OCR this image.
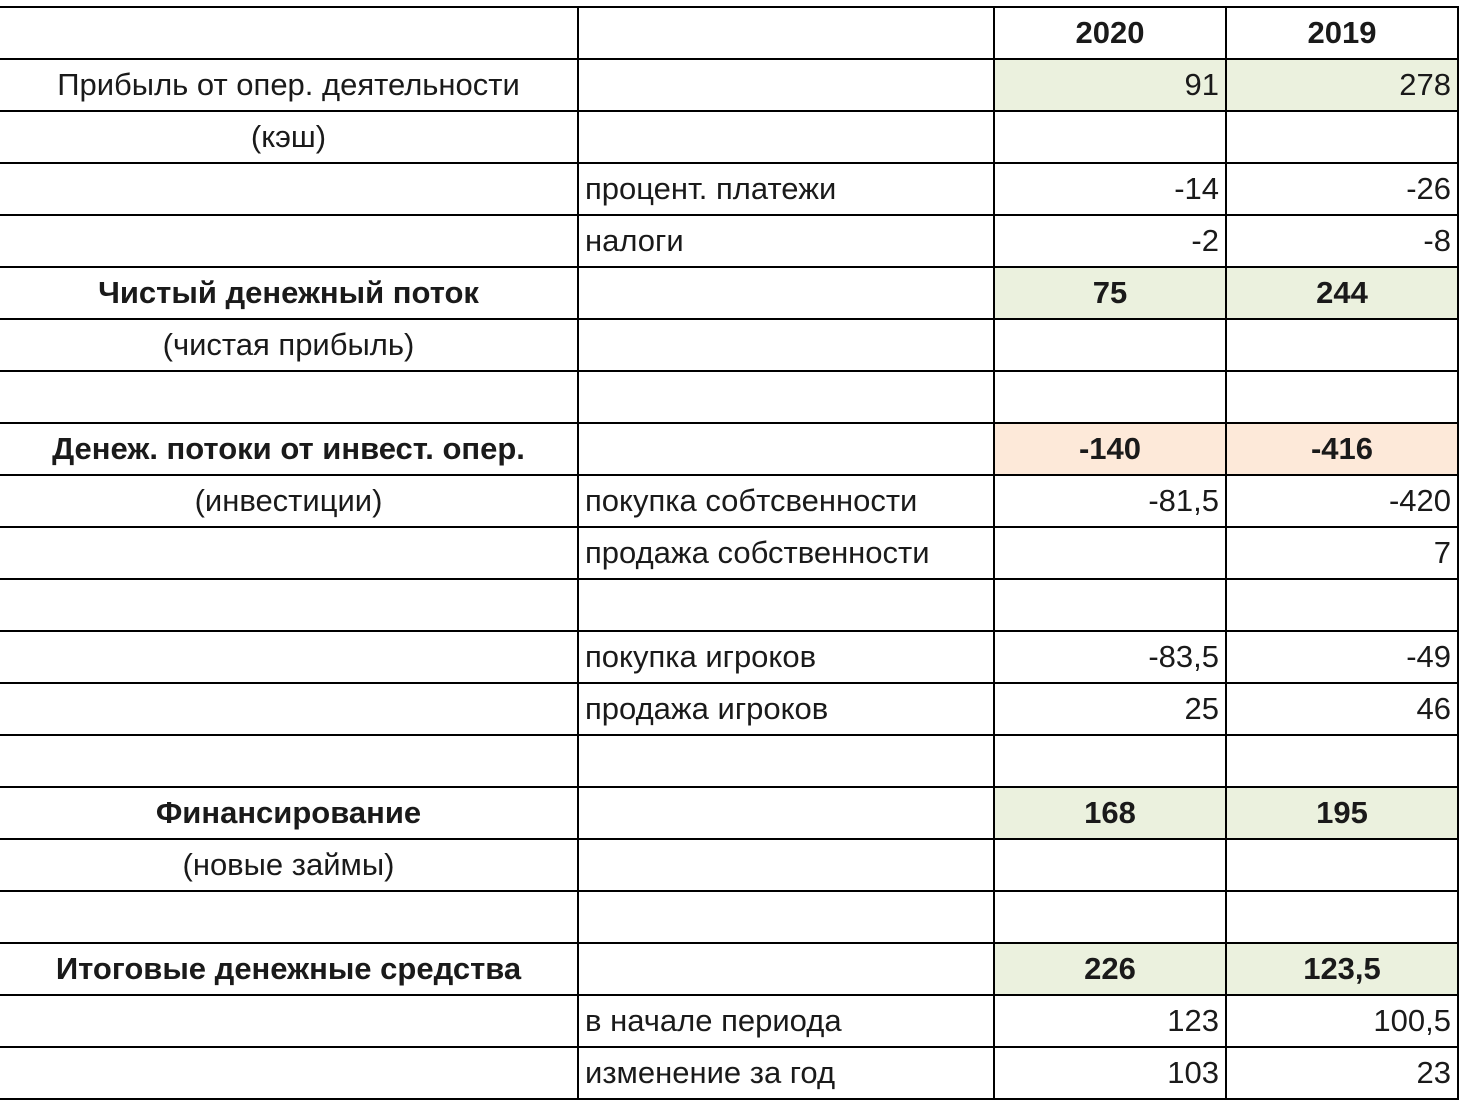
		2020	2019
Прибыль от опер. деятельности		91	278
(кэш)			
	процент. платежи	-14	-26
	налоги	-2	-8
Чистый денежный поток		75	244
(чистая прибыль)			

Денеж. потоки от инвест. опер.		-140	-416
(инвестиции)	покупка собтсвенности	-81,5	-420
	продажа собственности		7

	покупка игроков	-83,5	-49
	продажа игроков	25	46

Финансирование		168	195
(новые займы)			

Итоговые денежные средства		226	123,5
	в начале периода	123	100,5
	изменение за год	103	23
